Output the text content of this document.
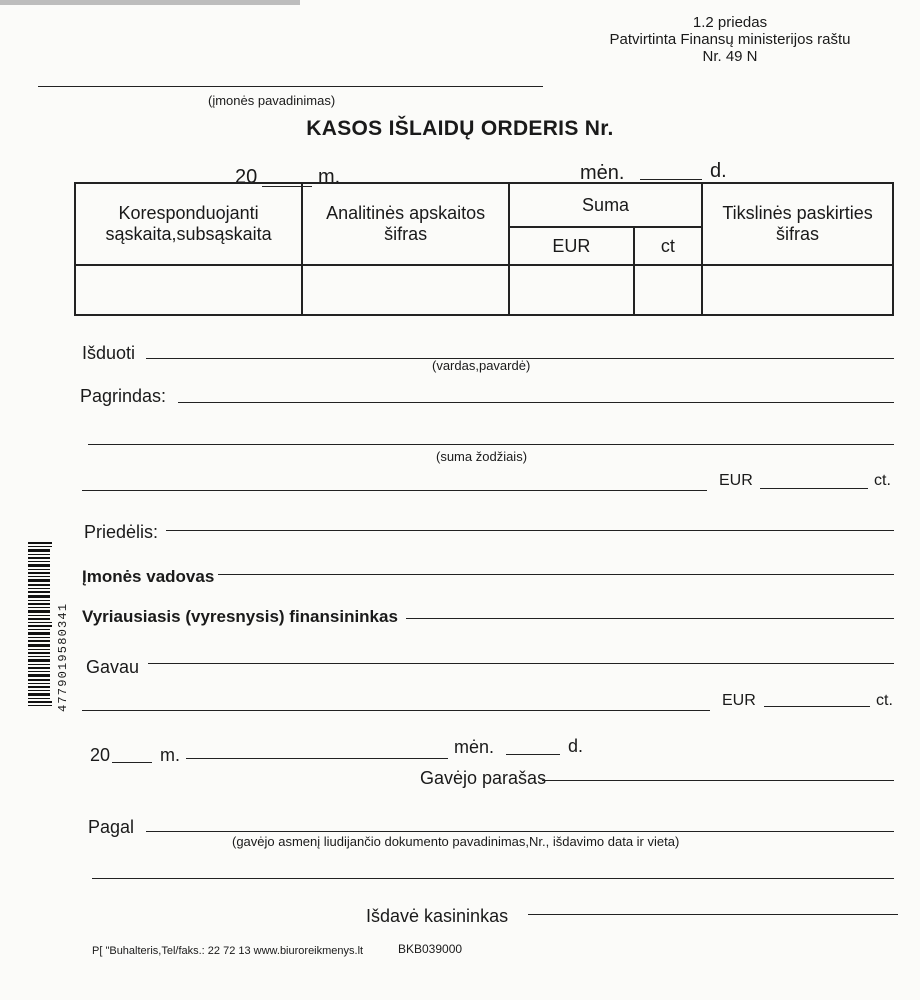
1.2 priedas
Patvirtinta Finansų ministerijos raštu
Nr. 49 N
(įmonės pavadinimas)
KASOS IŠLAIDŲ ORDERIS Nr.
20	m.	mėn.	d.
Koresponduojanti sąskaita,subsąskaita	Analitinės apskaitos šifras	Suma		Tikslinės paskirties šifras
		EUR	ct	

Išduoti
(vardas,pavardė)
Pagrindas:
(suma žodžiais)
EUR	ct.
Priedėlis:
Įmonės vadovas
Vyriausiasis (vyresnysis) finansininkas
Gavau
EUR	ct.
20	m.	mėn.	d.
Gavėjo parašas
Pagal
(gavėjo asmenį liudijančio dokumento pavadinimas,Nr., išdavimo data ir vieta)
Išdavė kasininkas
P[ "Buhalteris,Tel/faks.: 22 72 13 www.biuroreikmenys.lt	BKB039000
4779019580341
